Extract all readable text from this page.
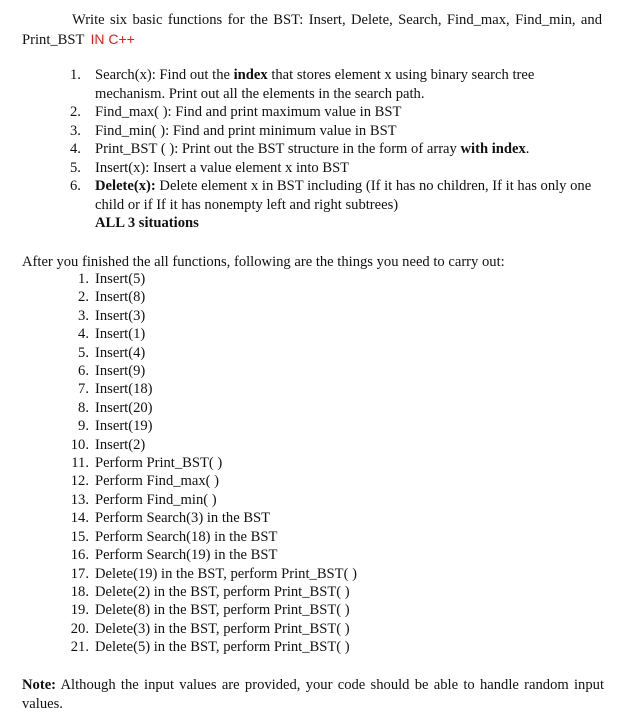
Write six basic functions for the BST: Insert, Delete, Search, Find_max, Find_min, and Print_BST IN C++
1. Search(x): Find out the index that stores element x using binary search tree mechanism. Print out all the elements in the search path.
2. Find_max( ): Find and print maximum value in BST
3. Find_min( ): Find and print minimum value in BST
4. Print_BST ( ): Print out the BST structure in the form of array with index.
5. Insert(x): Insert a value element x into BST
6. Delete(x): Delete element x in BST including (If it has no children, If it has only one child or if If it has nonempty left and right subtrees)
ALL 3 situations
After you finished the all functions, following are the things you need to carry out:
1. Insert(5)
2. Insert(8)
3. Insert(3)
4. Insert(1)
5. Insert(4)
6. Insert(9)
7. Insert(18)
8. Insert(20)
9. Insert(19)
10. Insert(2)
11. Perform Print_BST( )
12. Perform Find_max( )
13. Perform Find_min( )
14. Perform Search(3) in the BST
15. Perform Search(18) in the BST
16. Perform Search(19) in the BST
17. Delete(19) in the BST, perform Print_BST( )
18. Delete(2) in the BST, perform Print_BST( )
19. Delete(8) in the BST, perform Print_BST( )
20. Delete(3) in the BST, perform Print_BST( )
21. Delete(5) in the BST, perform Print_BST( )
Note: Although the input values are provided, your code should be able to handle random input values.
